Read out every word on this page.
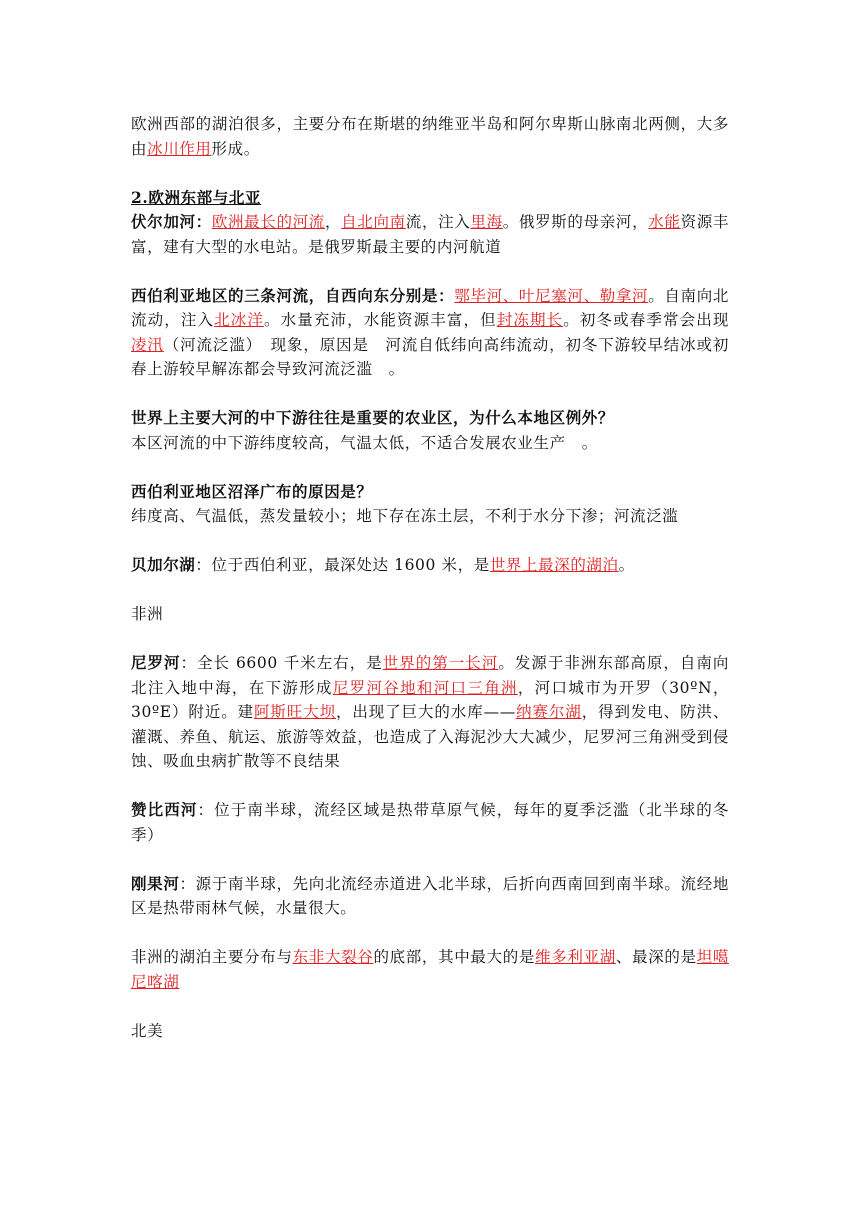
欧洲西部的湖泊很多，主要分布在斯堪的纳维亚半岛和阿尔卑斯山脉南北两侧，大多由冰川作用形成。

2.欧洲东部与北亚

伏尔加河：欧洲最长的河流，自北向南流，注入里海。俄罗斯的母亲河，水能资源丰富，建有大型的水电站。是俄罗斯最主要的内河航道

西伯利亚地区的三条河流，自西向东分别是：鄂毕河、叶尼塞河、勒拿河。自南向北流动，注入北冰洋。水量充沛，水能资源丰富，但封冻期长。初冬或春季常会出现　凌汛（河流泛滥）　现象，原因是　河流自低纬向高纬流动，初冬下游较早结冰或初春上游较早解冻都会导致河流泛滥　。

世界上主要大河的中下游往往是重要的农业区，为什么本地区例外？

本区河流的中下游纬度较高，气温太低，不适合发展农业生产　。

西伯利亚地区沼泽广布的原因是？

纬度高、气温低，蒸发量较小；地下存在冻土层，不利于水分下渗；河流泛滥

贝加尔湖：位于西伯利亚，最深处达 1600 米，是世界上最深的湖泊。

非洲

尼罗河：全长 6600 千米左右，是世界的第一长河。发源于非洲东部高原，自南向北注入地中海，在下游形成尼罗河谷地和河口三角洲，河口城市为开罗（30ºN，30ºE）附近。建阿斯旺大坝，出现了巨大的水库——纳赛尔湖，得到发电、防洪、灌溉、养鱼、航运、旅游等效益，也造成了入海泥沙大大减少，尼罗河三角洲受到侵蚀、吸血虫病扩散等不良结果

赞比西河：位于南半球，流经区域是热带草原气候，每年的夏季泛滥（北半球的冬季）

刚果河：源于南半球，先向北流经赤道进入北半球，后折向西南回到南半球。流经地区是热带雨林气候，水量很大。

非洲的湖泊主要分布与东非大裂谷的底部，其中最大的是维多利亚湖、最深的是坦噶尼喀湖

北美
